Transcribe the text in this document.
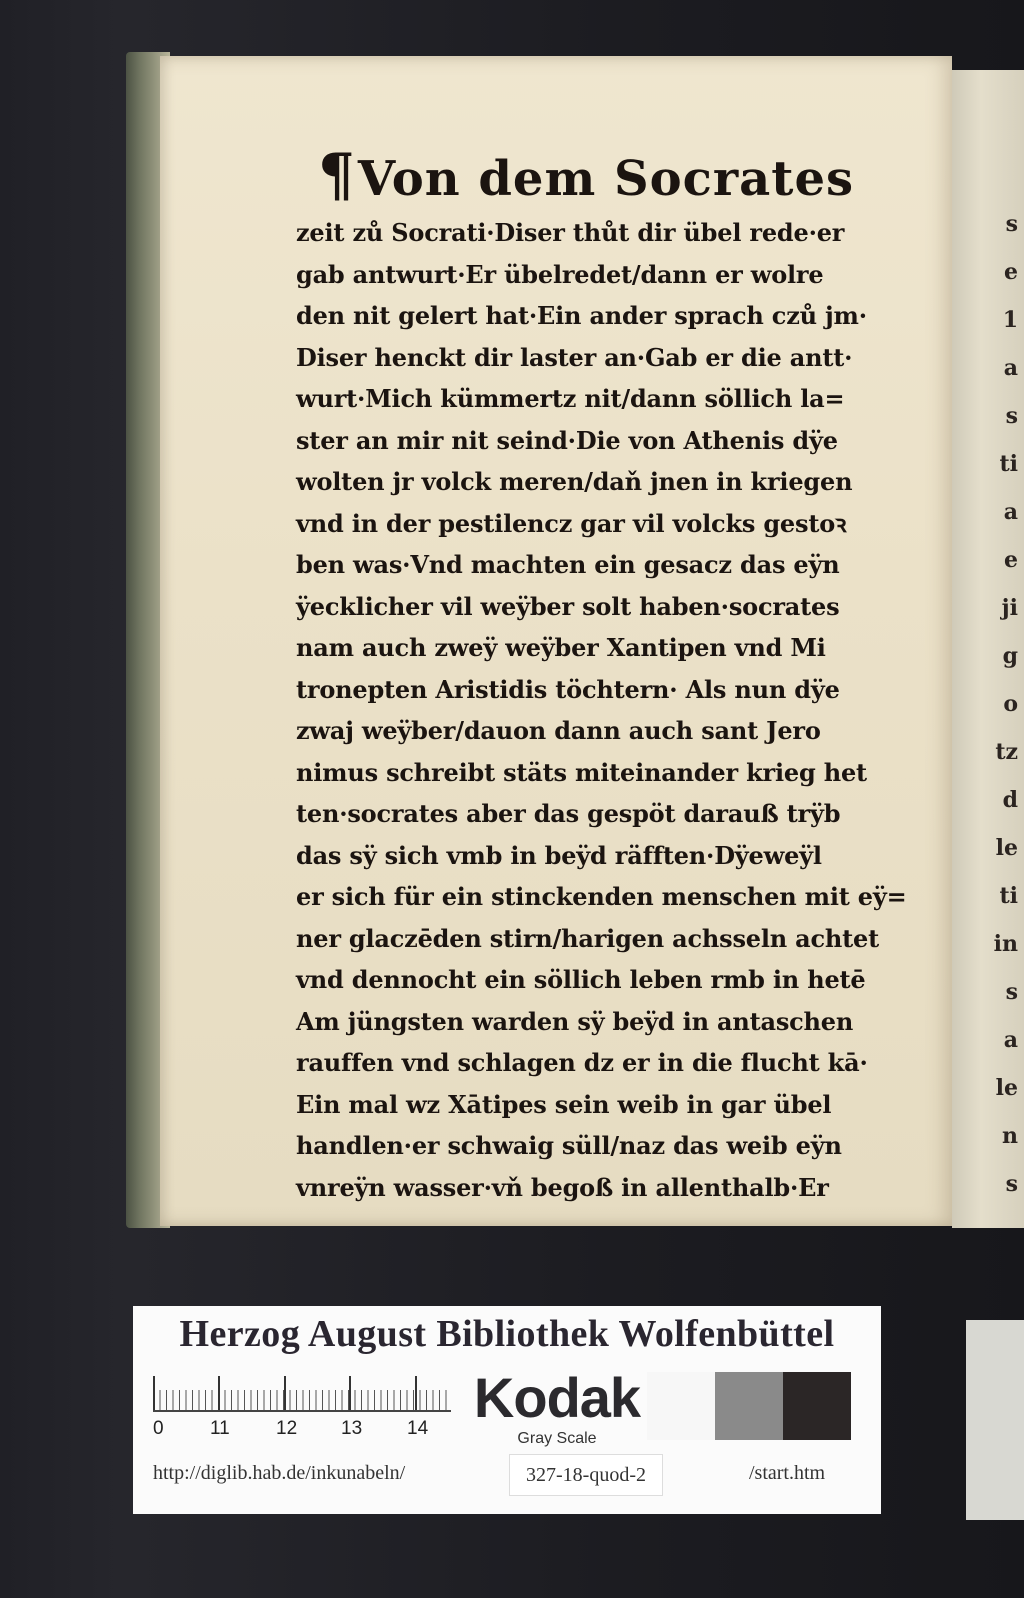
s
e
1
a
s
ti
a
e
ji
g
o
tz
d
le
ti
in
s
a
le
n
s
¶Von dem Socrates
zeit zů Socrati·Diser thůt dir übel rede·er
gab antwurt·Er übelredet/dann er wolre
den nit gelert hat·Ein ander sprach czů jm·
Diser henckt dir laster an·Gab er die antt·
wurt·Mich kümmertz nit/dann söllich la=
ster an mir nit seind·Die von Athenis dÿe
wolten jr volck meren/daň jnen in kriegen
vnd in der pestilencz gar vil volcks gestoꝛ
ben was·Vnd machten ein gesacz das eÿn
ÿecklicher vil weÿber solt haben·socrates
nam auch zweÿ weÿber Xantipen vnd Mi
tronepten Aristidis töchtern· Als nun dÿe
zwaj weÿber/dauon dann auch sant Jero
nimus schreibt stäts miteinander krieg het
ten·socrates aber das gespöt darauß trÿb
das sÿ sich vmb in beÿd räfften·Dÿeweÿl
er sich für ein stinckenden menschen mit eÿ=
ner glaczēden stirn/harigen achsseln achtet
vnd dennocht ein söllich leben rmb in hetē
Am jüngsten warden sÿ beÿd in antaschen
rauffen vnd schlagen dz er in die flucht kā·
Ein mal wz Xātipes sein weib in gar übel
handlen·er schwaig süll/naz das weib eÿn
vnreÿn wasser·vň begoß in allenthalb·Er
Herzog August Bibliothek Wolfenbüttel
0 11 12 13 14 Kodak
Gray Scale
http://diglib.hab.de/inkunabeln/	327-18-quod-2	/start.htm
